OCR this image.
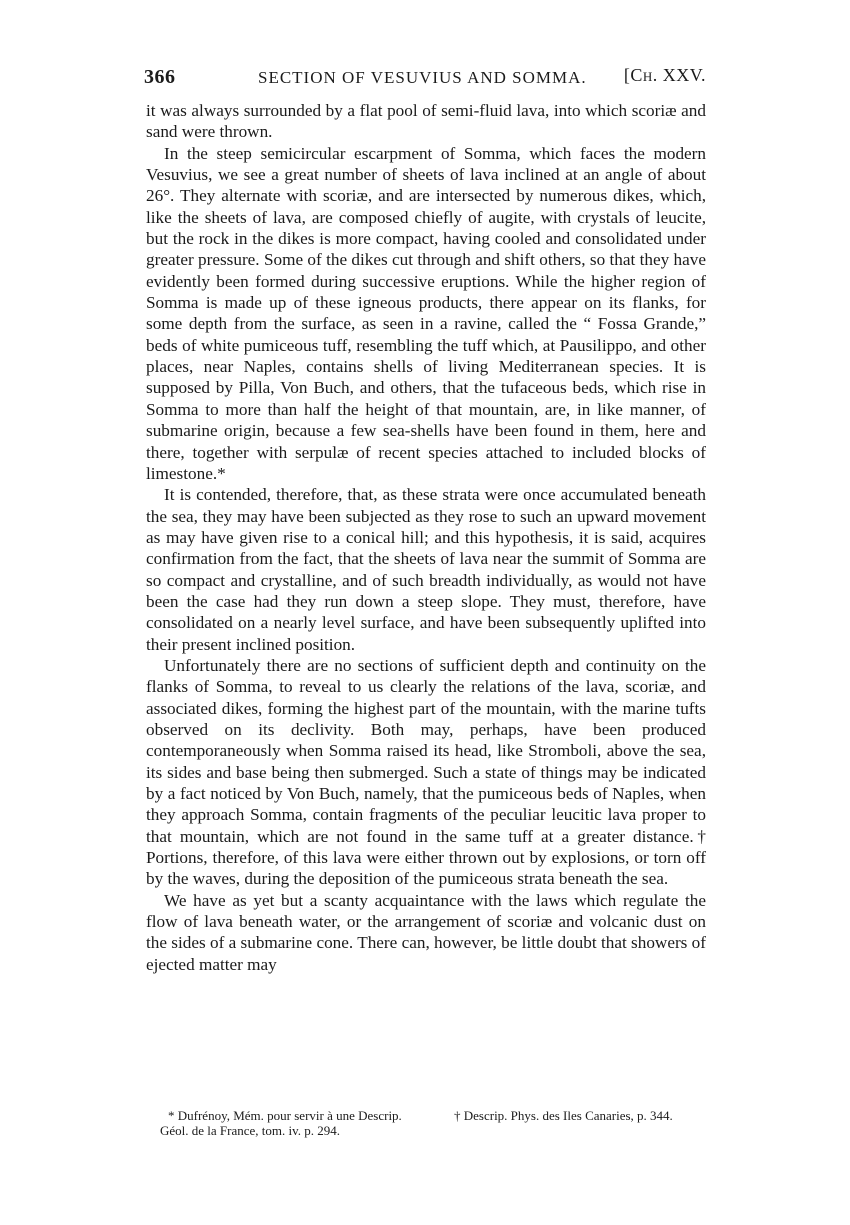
366	SECTION OF VESUVIUS AND SOMMA. [Ch. XXV.

it was always surrounded by a flat pool of semi-fluid lava, into which scoriæ and sand were thrown.

In the steep semicircular escarpment of Somma, which faces the modern Vesuvius, we see a great number of sheets of lava inclined at an angle of about 26°. They alternate with scoriæ, and are intersected by numerous dikes, which, like the sheets of lava, are composed chiefly of augite, with crystals of leucite, but the rock in the dikes is more compact, having cooled and consolidated under greater pressure. Some of the dikes cut through and shift others, so that they have evidently been formed during successive eruptions. While the higher region of Somma is made up of these igneous products, there appear on its flanks, for some depth from the surface, as seen in a ravine, called the “ Fossa Grande,” beds of white pumiceous tuff, resembling the tuff which, at Pausilippo, and other places, near Naples, contains shells of living Mediterranean species. It is supposed by Pilla, Von Buch, and others, that the tufaceous beds, which rise in Somma to more than half the height of that mountain, are, in like manner, of submarine origin, because a few sea-shells have been found in them, here and there, together with serpulæ of recent species attached to included blocks of limestone.*

It is contended, therefore, that, as these strata were once accumulated beneath the sea, they may have been subjected as they rose to such an upward movement as may have given rise to a conical hill; and this hypothesis, it is said, acquires confirmation from the fact, that the sheets of lava near the summit of Somma are so compact and crystalline, and of such breadth individually, as would not have been the case had they run down a steep slope. They must, therefore, have consolidated on a nearly level surface, and have been subsequently uplifted into their present inclined position.

Unfortunately there are no sections of sufficient depth and continuity on the flanks of Somma, to reveal to us clearly the relations of the lava, scoriæ, and associated dikes, forming the highest part of the mountain, with the marine tufts observed on its declivity. Both may, perhaps, have been produced contemporaneously when Somma raised its head, like Stromboli, above the sea, its sides and base being then submerged. Such a state of things may be indicated by a fact noticed by Von Buch, namely, that the pumiceous beds of Naples, when they approach Somma, contain fragments of the peculiar leucitic lava proper to that mountain, which are not found in the same tuff at a greater distance.† Portions, therefore, of this lava were either thrown out by explosions, or torn off by the waves, during the deposition of the pumiceous strata beneath the sea.

We have as yet but a scanty acquaintance with the laws which regulate the flow of lava beneath water, or the arrangement of scoriæ and volcanic dust on the sides of a submarine cone. There can, however, be little doubt that showers of ejected matter may

* Dufrénoy, Mém. pour servir à une Descrip. Géol. de la France, tom. iv. p. 294.
† Descrip. Phys. des Iles Canaries, p. 344.
